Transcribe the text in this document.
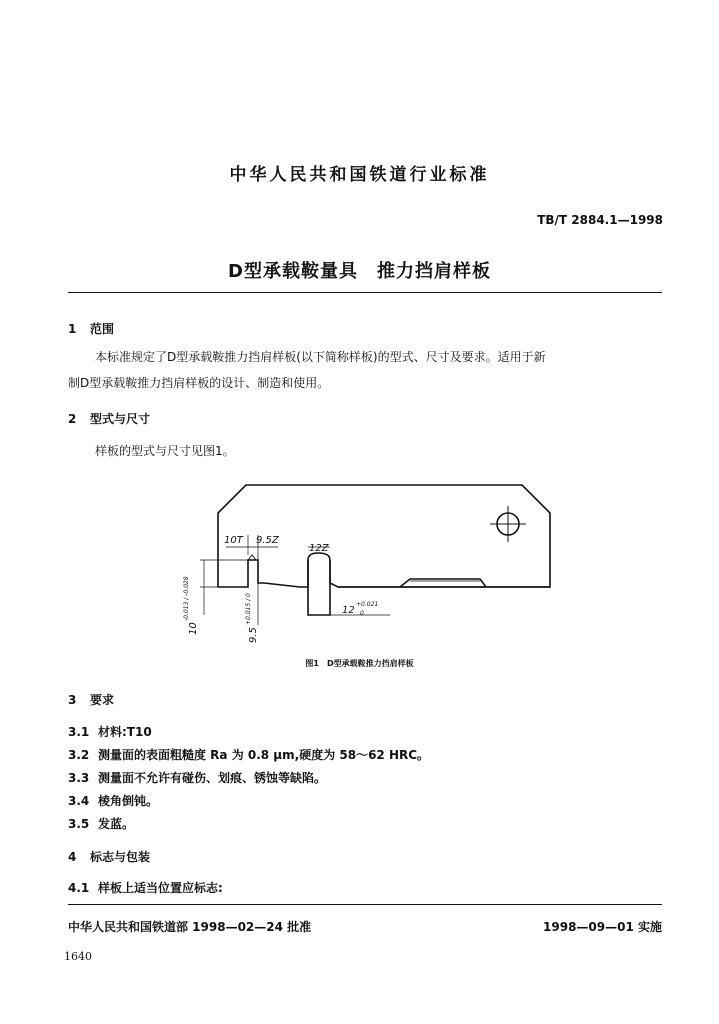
中华人民共和国铁道行业标准
TB/T 2884.1—1998
D型承载鞍量具　推力挡肩样板
1 范围
本标准规定了D型承载鞍推力挡肩样板(以下简称样板)的型式、尺寸及要求。适用于新
制D型承载鞍推力挡肩样板的设计、制造和使用。
2 型式与尺寸
样板的型式与尺寸见图1。
10T 9.5Z
12Z
10
-0.013 / -0.028
9.5
+0.015 / 0	12
+0.021
0
图1　D型承载鞍推力挡肩样板
3 要求
3.1 材料:T10
3.2 测量面的表面粗糙度 Ra 为 0.8 μm,硬度为 58～62 HRC。
3.3 测量面不允许有碰伤、划痕、锈蚀等缺陷。
3.4 棱角倒钝。
3.5 发蓝。
4 标志与包装
4.1 样板上适当位置应标志:
中华人民共和国铁道部 1998—02—24 批准	1998—09—01 实施
1640
